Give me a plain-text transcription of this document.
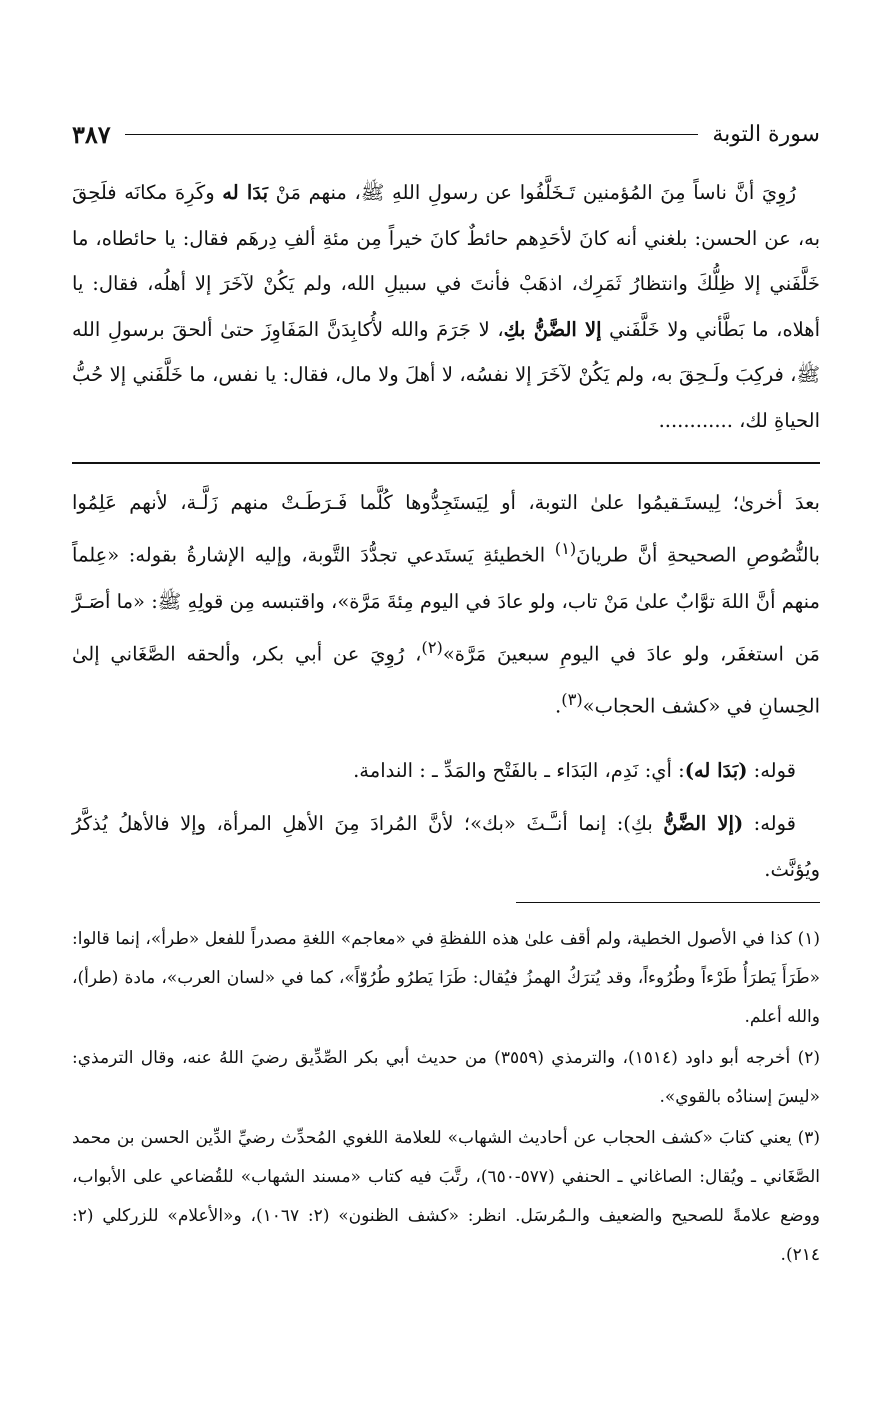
سورة التوبة
٣٨٧

رُوِيَ أنَّ ناساً مِنَ المُؤمنين تَـخَلَّفُوا عن رسولِ اللهِ ﷺ، منهم مَنْ بَدَا له وكَرِهَ مكانَه فلَحِقَ به، عن الحسن: بلغني أنه كانَ لأحَدِهم حائطٌ كانَ خيراً مِن مئةِ ألفِ دِرهَم فقال: يا حائطاه، ما خَلَّفَني إلا ظِلُّكَ وانتظارُ ثَمَرِك، اذهَبْ فأنتَ في سبيلِ الله، ولم يَكُنْ لآخَرَ إلا أهلُه، فقال: يا أهلاه، ما بَطَّأني ولا خَلَّفَني إلا الضَّنُّ بكِ، لا جَرَمَ والله لأُكابِدَنَّ المَفَاوِزَ حتىٰ ألحقَ برسولِ الله ﷺ، فركِبَ ولَـحِقَ به، ولم يَكُنْ لآخَرَ إلا نفسُه، لا أهلَ ولا مال، فقال: يا نفس، ما خَلَّفَني إلا حُبُّ الحياةِ لك، ............

بعدَ أخرىٰ؛ لِيستَـقيمُوا علىٰ التوبة، أو لِيَستَجِدُّوها كُلَّما فَـرَطَـتْ منهم زَلَّـة، لأنهم عَلِمُوا بالنُّصُوصِ الصحيحةِ أنَّ طريانَ$^{(١)}$ الخطيئةِ يَستَدعي تجدُّدَ التَّوبة، وإليه الإشارةُ بقوله: «عِلماً منهم أنَّ اللهَ توَّابٌ علىٰ مَنْ تاب، ولو عادَ في اليوم مِئةَ مَرَّة»، واقتبسه مِن قولِهِ ﷺ: «ما أصَـرَّ مَن استغفَر، ولو عادَ في اليومِ سبعينَ مَرَّة»$^{(٢)}$، رُوِيَ عن أبي بكر، وألحقه الصَّغَاني إلىٰ الحِسانِ في «كشف الحجاب»$^{(٣)}$.

قوله: (بَدَا له): أي: نَدِم، البَدَاء ـ بالفَتْح والمَدِّ ـ : الندامة.

قوله: (إلا الضَّنُّ بكِ): إنما أنـَّـثَ «بك»؛ لأنَّ المُرادَ مِنَ الأهلِ المرأة، وإلا فالأهلُ يُذكَّرُ ويُؤنَّث.

(١) كذا في الأصول الخطية، ولم أقف علىٰ هذه اللفظةِ في «معاجم» اللغةِ مصدراً للفعل «طرأ»، إنما قالوا: «طَرَأَ يَطرَأُ طَرْءاً وطُرُوءاً، وقد يُترَكُ الهمزُ فيُقال: طَرَا يَطرُو طُرُوّاً»، كما في «لسان العرب»، مادة (طرأ)، والله أعلم.

(٢) أخرجه أبو داود (١٥١٤)، والترمذي (٣٥٥٩) من حديث أبي بكر الصِّدِّيق رضيَ اللهُ عنه، وقال الترمذي: «ليسَ إسنادُه بالقوي».

(٣) يعني كتابَ «كشف الحجاب عن أحاديث الشهاب» للعلامة اللغوي المُحدِّث رضيِّ الدِّين الحسن بن محمد الصَّغَاني ـ ويُقال: الصاغاني ـ الحنفي (٥٧٧-٦٥٠)، رتَّبَ فيه كتاب «مسند الشهاب» للقُضاعي على الأبواب، ووضع علامةً للصحيح والضعيف والـمُرسَل. انظر: «كشف الظنون» (٢: ١٠٦٧)، و«الأعلام» للزركلي (٢: ٢١٤).
